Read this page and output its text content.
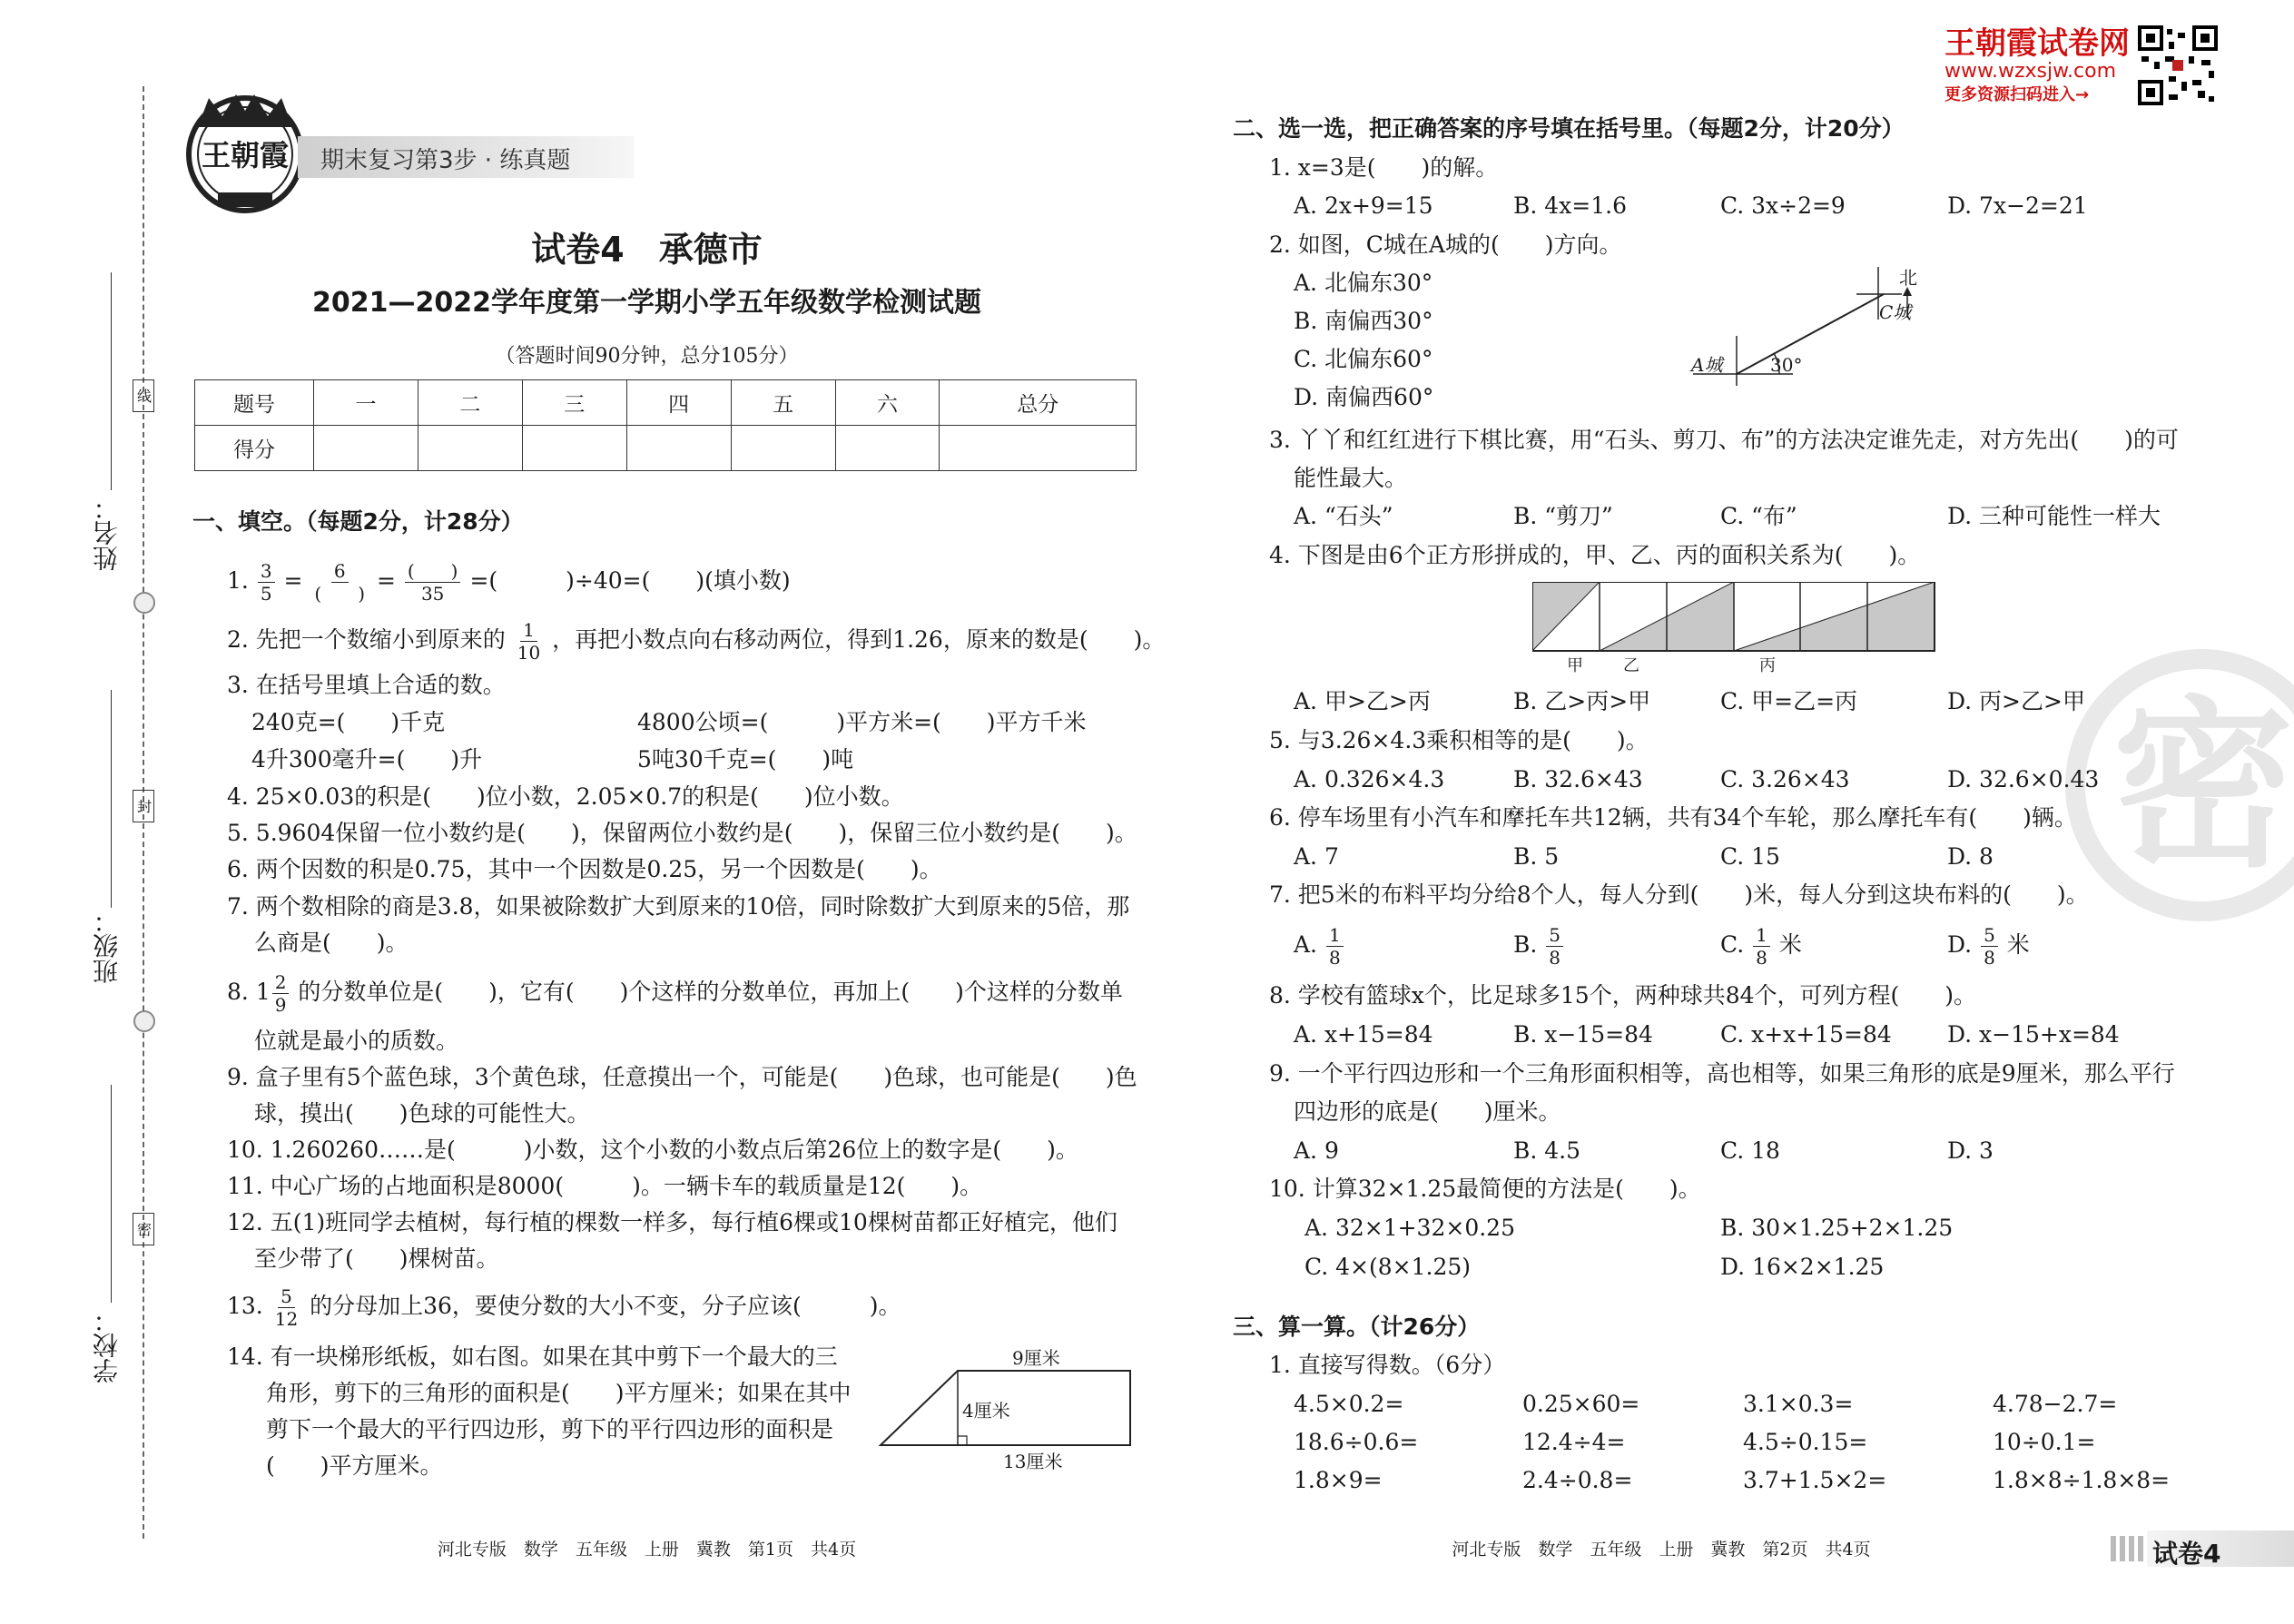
线
封
密
姓名：
班级：
学校：
王朝霞 期末复习第3步 · 练真题
试卷4　承德市
2021—2022学年度第一学期小学五年级数学检测试题
（答题时间90分钟，总分105分）
题号	一	二	三	四	五	六	总分
得分							
一、填空。（每题2分，计28分）
1. $\frac{3}{5} = \frac{6}{( )} = \frac{( )}{35}$ =(　　　)÷40=(　　)(填小数)
2. 先把一个数缩小到原来的 $\frac{1}{10}$ ，再把小数点向右移动两位，得到1.26，原来的数是(　　)。
3. 在括号里填上合适的数。
240克=(　　)千克	4800公顷=(　　　)平方米=(　　)平方千米
4升300毫升=(　　)升	5吨30千克=(　　)吨
4. 25×0.03的积是(　　)位小数，2.05×0.7的积是(　　)位小数。
5. 5.9604保留一位小数约是(　　)，保留两位小数约是(　　)，保留三位小数约是(　　)。
6. 两个因数的积是0.75，其中一个因数是0.25，另一个因数是(　　)。
7. 两个数相除的商是3.8，如果被除数扩大到原来的10倍，同时除数扩大到原来的5倍，那
么商是(　　)。
8. $1 \frac{2}{9}$ 的分数单位是(　　)，它有(　　)个这样的分数单位，再加上(　　)个这样的分数单
位就是最小的质数。
9. 盒子里有5个蓝色球，3个黄色球，任意摸出一个，可能是(　　)色球，也可能是(　　)色
球，摸出(　　)色球的可能性大。
10. 1.260260……是(　　　)小数，这个小数的小数点后第26位上的数字是(　　)。
11. 中心广场的占地面积是8000(　　　)。一辆卡车的载质量是12(　　)。
12. 五(1)班同学去植树，每行植的棵数一样多，每行植6棵或10棵树苗都正好植完，他们
至少带了(　　)棵树苗。
13. $\frac{5}{12}$ 的分母加上36，要使分数的大小不变，分子应该(　　　)。
14. 有一块梯形纸板，如右图。如果在其中剪下一个最大的三
角形，剪下的三角形的面积是(　　)平方厘米；如果在其中
剪下一个最大的平行四边形，剪下的平行四边形的面积是
(　　)平方厘米。
9厘米
4厘米
13厘米
河北专版　数学　五年级　上册　冀教　第1页　共4页
王朝霞试卷网
www.wzxsjw.com
更多资源扫码进入→
密
二、选一选，把正确答案的序号填在括号里。（每题2分，计20分）
1. x=3是(　　)的解。
A. 2x+9=15	B. 4x=1.6	C. 3x÷2=9	D. 7x−2=21
2. 如图，C城在A城的(　　)方向。
A. 北偏东30°
B. 南偏西30°
C. 北偏东60°
D. 南偏西60°
北
C城
A城	30°
3. 丫丫和红红进行下棋比赛，用“石头、剪刀、布”的方法决定谁先走，对方先出(　　)的可
能性最大。
A. “石头”	B. “剪刀”	C. “布”	D. 三种可能性一样大
4. 下图是由6个正方形拼成的，甲、乙、丙的面积关系为(　　)。
甲 乙	丙
A. 甲>乙>丙	B. 乙>丙>甲	C. 甲=乙=丙	D. 丙>乙>甲
5. 与3.26×4.3乘积相等的是(　　)。
A. 0.326×4.3	B. 32.6×43	C. 3.26×43	D. 32.6×0.43
6. 停车场里有小汽车和摩托车共12辆，共有34个车轮，那么摩托车有(　　)辆。
A. 7	B. 5	C. 15	D. 8
7. 把5米的布料平均分给8个人，每人分到(　　)米，每人分到这块布料的(　　)。
A. $\frac{1}{8}$	B. $\frac{5}{8}$	C. $\frac{1}{8}$ 米	D. $\frac{5}{8}$ 米
8. 学校有篮球x个，比足球多15个，两种球共84个，可列方程(　　)。
A. x+15=84	B. x−15=84	C. x+x+15=84 D. x−15+x=84
9. 一个平行四边形和一个三角形面积相等，高也相等，如果三角形的底是9厘米，那么平行
四边形的底是(　　)厘米。
A. 9	B. 4.5	C. 18	D. 3
10. 计算32×1.25最简便的方法是(　　)。
A. 32×1+32×0.25	B. 30×1.25+2×1.25
C. 4×(8×1.25)	D. 16×2×1.25
三、算一算。（计26分）
1. 直接写得数。（6分）
4.5×0.2=	0.25×60=	3.1×0.3=	4.78−2.7=
18.6÷0.6=	12.4÷4=	4.5÷0.15=	10÷0.1=
1.8×9=	2.4÷0.8=	3.7+1.5×2=	1.8×8÷1.8×8=
河北专版　数学　五年级　上册　冀教　第2页　共4页	试卷4
